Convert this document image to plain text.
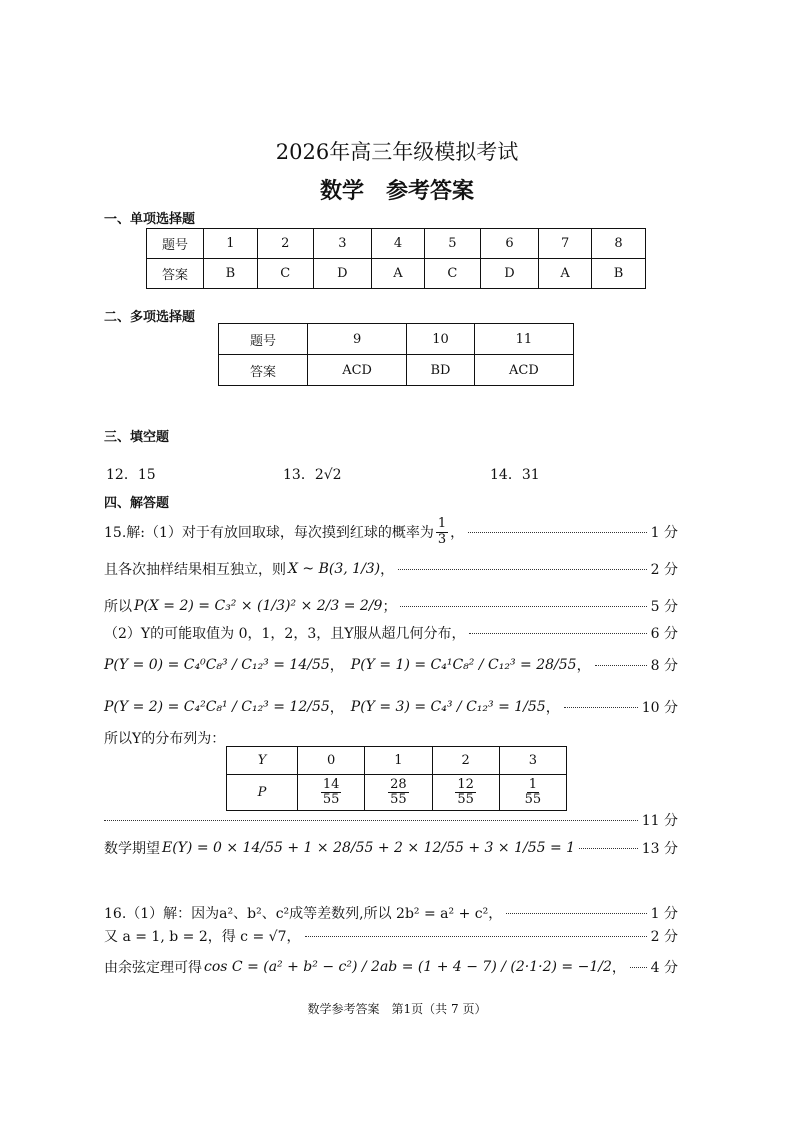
2026年高三年级模拟考试
数学　参考答案
一、单项选择题
题号	1	2	3	4	5	6	7	8
答案	B	C	D	A	C	D	A	B
二、多项选择题
题号	9	10	11
答案	ACD	BD	ACD
三、填空题
12．15	13．2√2	14．31
四、解答题
15.解:（1）对于有放回取球，每次摸到红球的概率为 $\frac{1}{3}$ ，	1 分
且各次抽样结果相互独立，则 X ~ B(3, 1/3) ，	2 分
所以 P(X = 2) = C₃² × (1/3)² × 2/3 = 2/9 ；	5 分
（2）Y的可能取值为 0，1，2，3，且Y服从超几何分布，	6 分
P(Y = 0) = C₄⁰C₈³ / C₁₂³ = 14/55 ，　 P(Y = 1) = C₄¹C₈² / C₁₂³ = 28/55 ，	8 分
P(Y = 2) = C₄²C₈¹ / C₁₂³ = 12/55 ，　 P(Y = 3) = C₄³ / C₁₂³ = 1/55 ，	10 分
所以Y的分布列为：
Y	0	1	2	3
P	$\frac{14}{55}$	$\frac{28}{55}$	$\frac{12}{55}$	$\frac{1}{55}$
11 分
数学期望 E(Y) = 0 × 14/55 + 1 × 28/55 + 2 × 12/55 + 3 × 1/55 = 1	13 分
16.（1）解：因为a²、b²、c²成等差数列,所以 2b² = a² + c²，	1 分
又 a = 1, b = 2，得 c = √7，	2 分
由余弦定理可得 cos C = (a² + b² − c²) / 2ab = (1 + 4 − 7) / (2·1·2) = −1/2 ， 4 分
数学参考答案　第1页（共 7 页）
